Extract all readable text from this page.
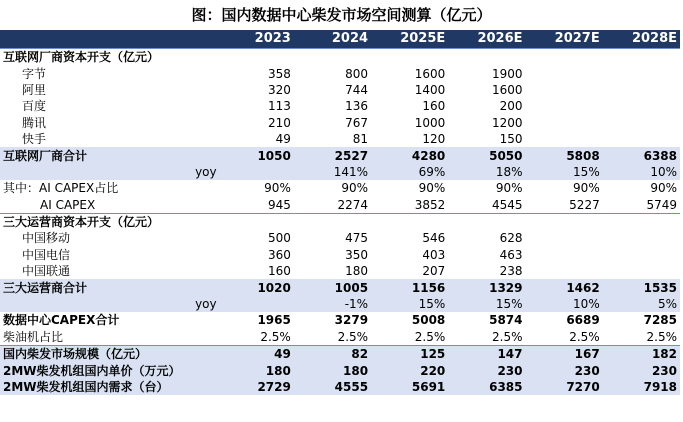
图：国内数据中心柴发市场空间测算（亿元）
	2023	2024	2025E	2026E	2027E	2028E
互联网厂商资本开支（亿元）						
字节	358	800	1600	1900		
阿里	320	744	1400	1600		
百度	113	136	160	200		
腾讯	210	767	1000	1200		
快手	49	81	120	150		
互联网厂商合计	1050	2527	4280	5050	5808	6388
yoy		141%	69%	18%	15%	10%
其中：AI CAPEX占比	90%	90%	90%	90%	90%	90%
AI CAPEX	945	2274	3852	4545	5227	5749
三大运营商资本开支（亿元）						
中国移动	500	475	546	628		
中国电信	360	350	403	463		
中国联通	160	180	207	238		
三大运营商合计	1020	1005	1156	1329	1462	1535
yoy		-1%	15%	15%	10%	5%
数据中心CAPEX合计	1965	3279	5008	5874	6689	7285
柴油机占比	2.5%	2.5%	2.5%	2.5%	2.5%	2.5%
国内柴发市场规模（亿元）	49	82	125	147	167	182
2MW柴发机组国内单价（万元）	180	180	220	230	230	230
2MW柴发机组国内需求（台）	2729	4555	5691	6385	7270	7918
